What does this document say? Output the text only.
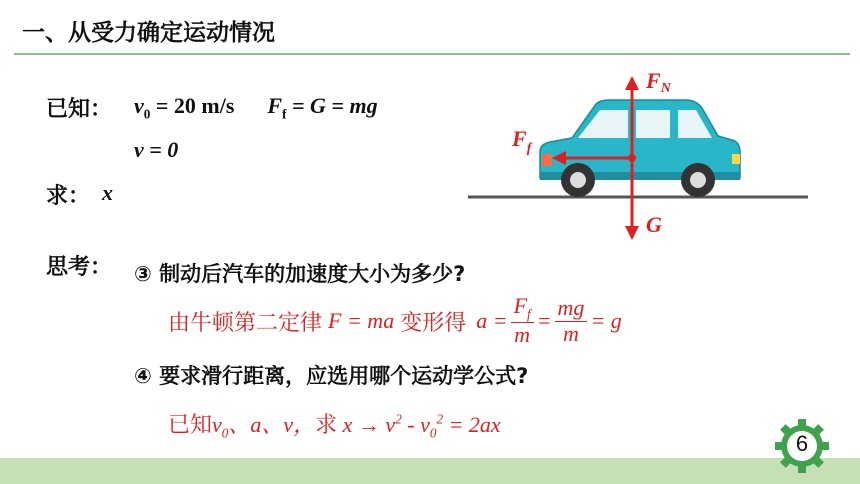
一、从受力确定运动情况
已知： $v_0 = 20$ m/s $F_f = G$ = mg
v = 0
求： x
思考： ③ 制动后汽车的加速度大小为多少?
由牛顿第二定律 F = ma 变形得 $a = \frac{F_f}{m} = \frac{mg}{m} = g$
④ 要求滑行距离，应选用哪个运动学公式?
已知$v_0$、a、v，求 $x \to v^2 - v_0^2 = 2ax$
FN
$F_f$
G
6
